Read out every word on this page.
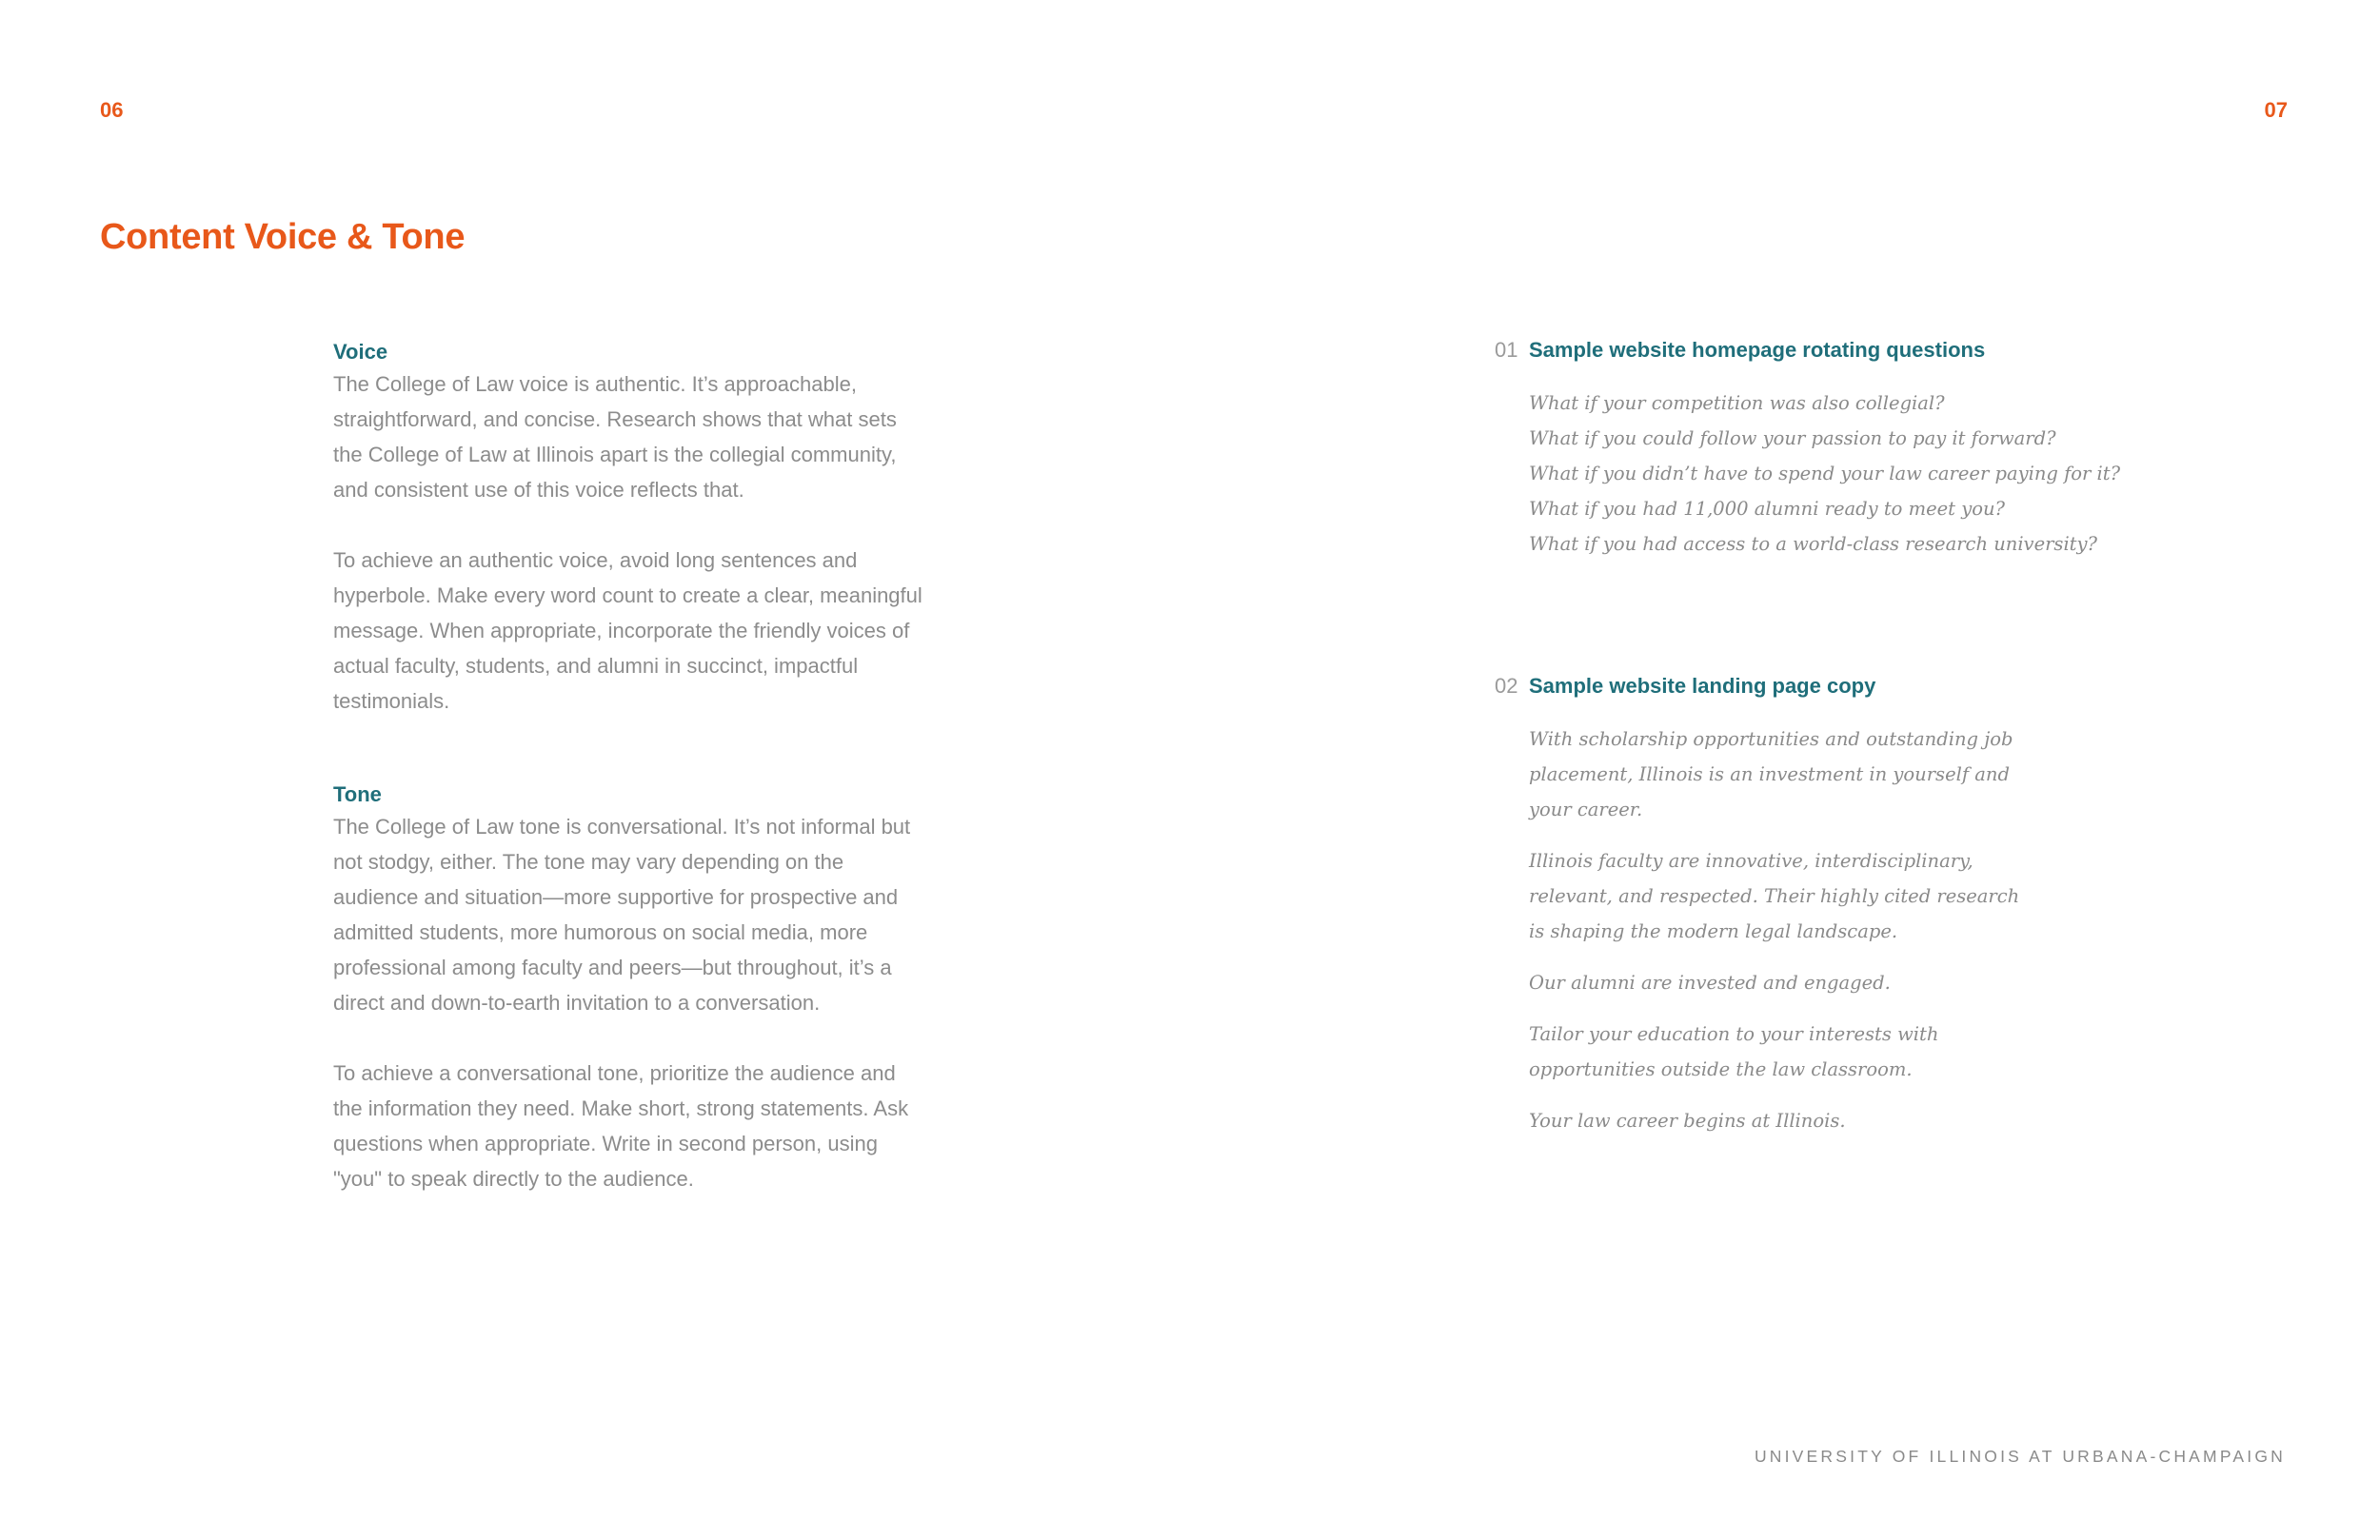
06	07
Content Voice & Tone
Voice

The College of Law voice is authentic. It’s approachable, straightforward, and concise. Research shows that what sets the College of Law at Illinois apart is the collegial community, and consistent use of this voice reflects that.

To achieve an authentic voice, avoid long sentences and hyperbole. Make every word count to create a clear, meaningful message. When appropriate, incorporate the friendly voices of actual faculty, students, and alumni in succinct, impactful testimonials.

Tone

The College of Law tone is conversational. It’s not informal but not stodgy, either. The tone may vary depending on the audience and situation—more supportive for prospective and admitted students, more humorous on social media, more professional among faculty and peers—but throughout, it’s a direct and down-to-earth invitation to a conversation.

To achieve a conversational tone, prioritize the audience and the information they need. Make short, strong statements. Ask questions when appropriate. Write in second person, using "you" to speak directly to the audience.

01 Sample website homepage rotating questions
What if your competition was also collegial?
What if you could follow your passion to pay it forward?
What if you didn’t have to spend your law career paying for it?
What if you had 11,000 alumni ready to meet you?
What if you had access to a world-class research university?
02 Sample website landing page copy
With scholarship opportunities and outstanding job placement, Illinois is an investment in yourself and your career.
Illinois faculty are innovative, interdisciplinary, relevant, and respected. Their highly cited research is shaping the modern legal landscape.
Our alumni are invested and engaged.
Tailor your education to your interests with opportunities outside the law classroom.
Your law career begins at Illinois.
UNIVERSITY OF ILLINOIS AT URBANA-CHAMPAIGN
